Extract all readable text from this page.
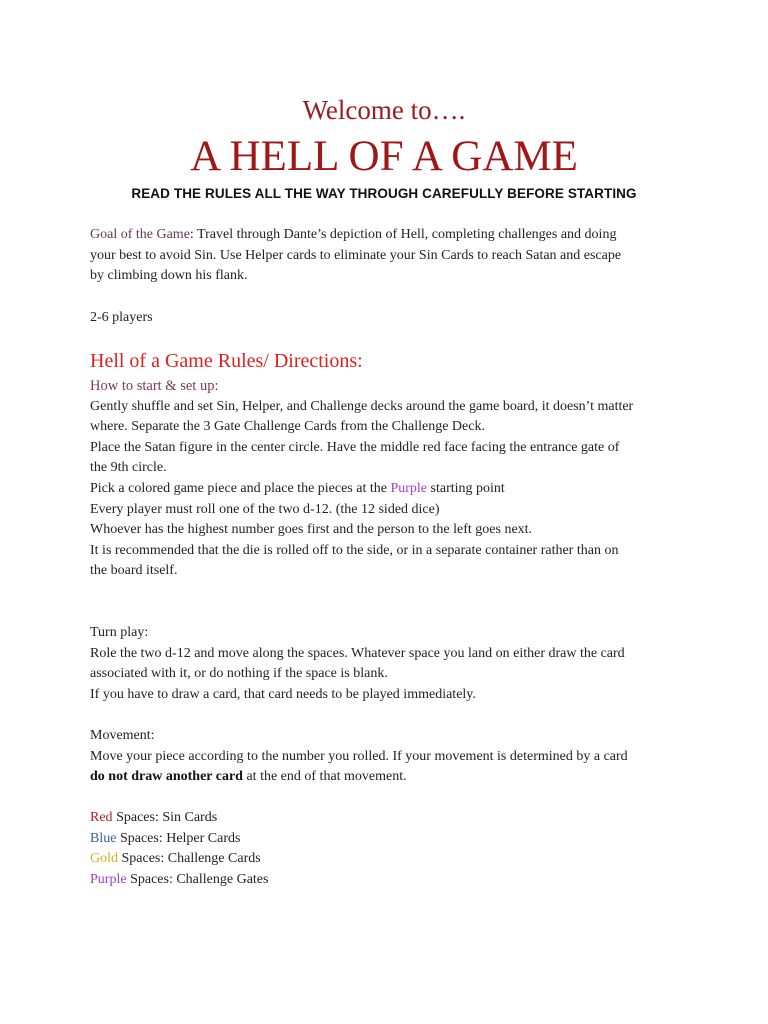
Welcome to….
A HELL OF A GAME
READ THE RULES ALL THE WAY THROUGH CAREFULLY BEFORE STARTING
Goal of the Game: Travel through Dante’s depiction of Hell, completing challenges and doing
your best to avoid Sin. Use Helper cards to eliminate your Sin Cards to reach Satan and escape
by climbing down his flank.
2-6 players
Hell of a Game Rules/ Directions:
How to start & set up:
Gently shuffle and set Sin, Helper, and Challenge decks around the game board, it doesn’t matter
where. Separate the 3 Gate Challenge Cards from the Challenge Deck.
Place the Satan figure in the center circle. Have the middle red face facing the entrance gate of
the 9th circle.
Pick a colored game piece and place the pieces at the Purple starting point
Every player must roll one of the two d-12. (the 12 sided dice)
Whoever has the highest number goes first and the person to the left goes next.
It is recommended that the die is rolled off to the side, or in a separate container rather than on
the board itself.
Turn play:
Role the two d-12 and move along the spaces. Whatever space you land on either draw the card
associated with it, or do nothing if the space is blank.
If you have to draw a card, that card needs to be played immediately.
Movement:
Move your piece according to the number you rolled. If your movement is determined by a card
do not draw another card at the end of that movement.
Red Spaces: Sin Cards
Blue Spaces: Helper Cards
Gold Spaces: Challenge Cards
Purple Spaces: Challenge Gates
